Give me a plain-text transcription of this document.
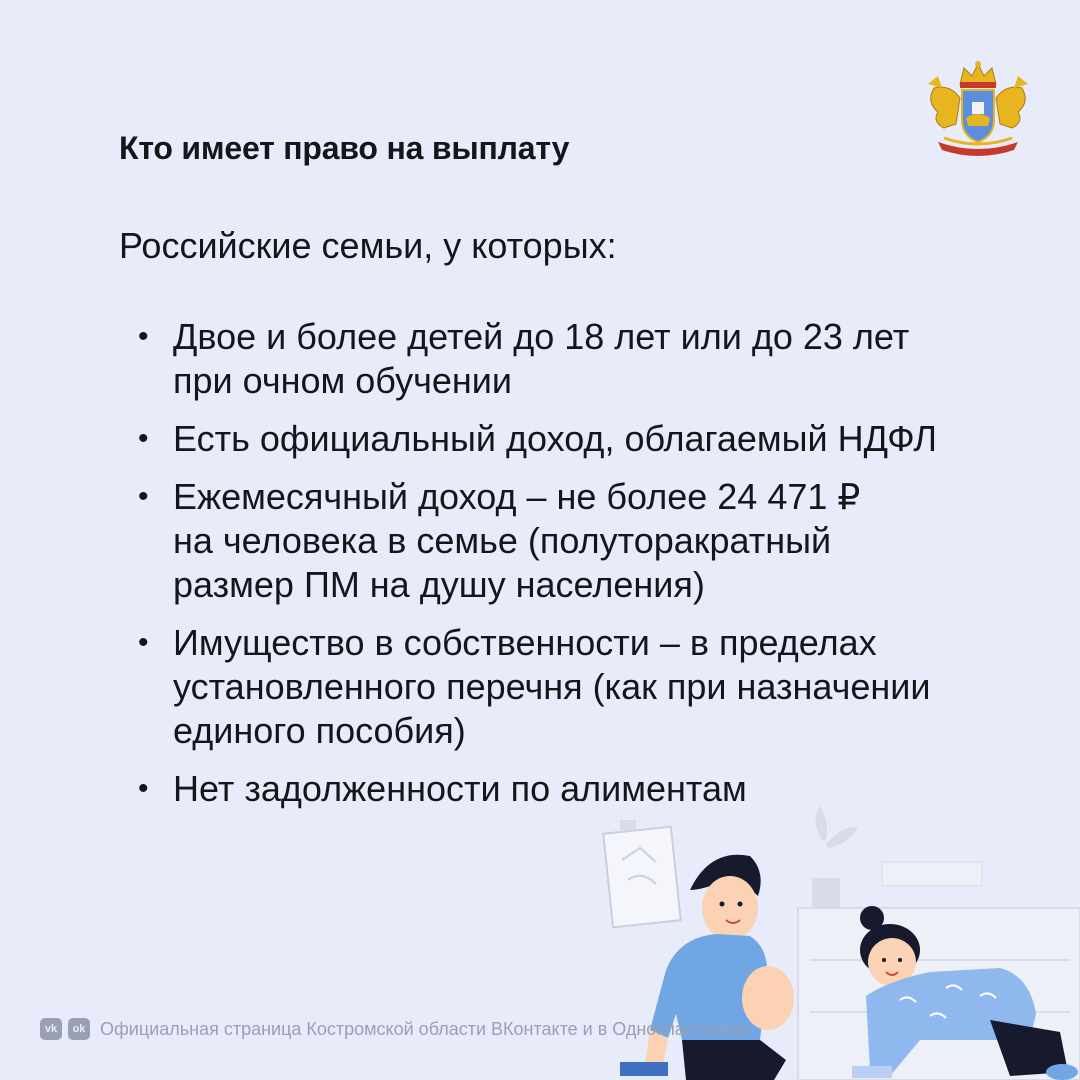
Кто имеет право на выплату
Российские семьи, у которых:
• Двое и более детей до 18 лет или до 23 лет
при очном обучении
• Есть официальный доход, облагаемый НДФЛ
• Ежемесячный доход – не более 24 471 ₽
на человека в семье (полуторакратный
размер ПМ на душу населения)
• Имущество в собственности – в пределах
установленного перечня (как при назначении
единого пособия)
• Нет задолженности по алиментам
vk	ok Официальная страница Костромской области ВКонтакте и в Одноклассниках
